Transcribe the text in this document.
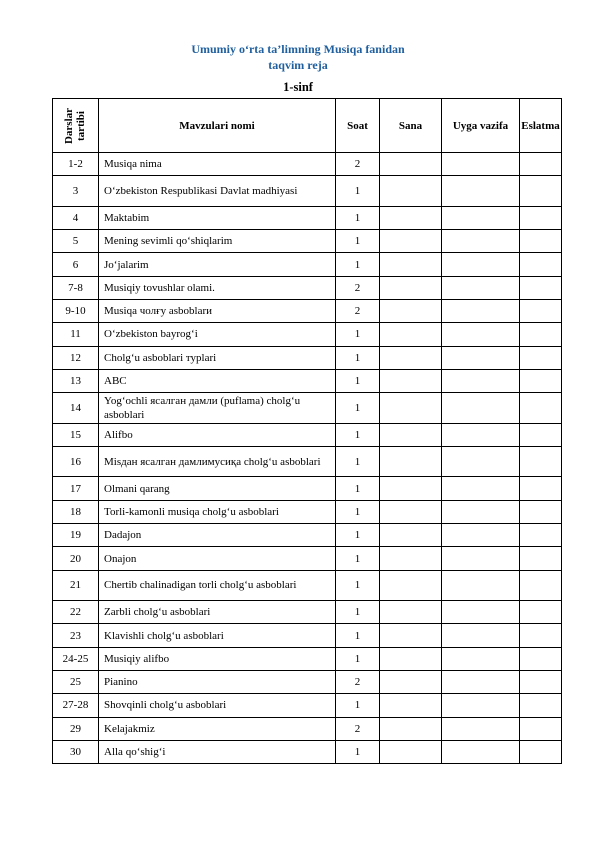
Umumiy o‘rta ta’limning Musiqa fanidan
taqvim reja
1-sinf
Darslar
tartibi	Mavzulari nomi	Soat	Sana	Uyga vazifa	Eslatma
1-2	Musiqa nima	2			
3	O‘zbekiston Respublikasi Davlat madhiyasi	1			
4	Maktabim	1			
5	Mening sevimli qo‘shiqlarim	1			
6	Jo‘jalarim	1			
7-8	Musiqiy tovushlar olami.	2			
9-10	Musiqa чолғу asboblarи	2			
11	O‘zbekiston bayrog‘i	1			
12	Cholg‘u asboblari турlari	1			
13	ABC	1			
14	Yog‘ochli ясалган дамли (puflama) cholg‘u asboblari	1			
15	Alifbo	1			
16	Misдан ясалган дамлимусиқа cholg‘u asboblari	1			
17	Olmani qarang	1			
18	Torli-kamonli musiqa cholg‘u asboblari	1			
19	Dadajon	1			
20	Onajon	1			
21	Chertib chalinadigan torli cholg‘u asboblari	1			
22	Zarbli cholg‘u asboblari	1			
23	Klavishli cholg‘u asboblari	1			
24-25	Musiqiy alifbo	1			
25	Pianino	2			
27-28	Shovqinli cholg‘u asboblari	1			
29	Kelajakmiz	2			
30	Alla qo‘shig‘i	1			
